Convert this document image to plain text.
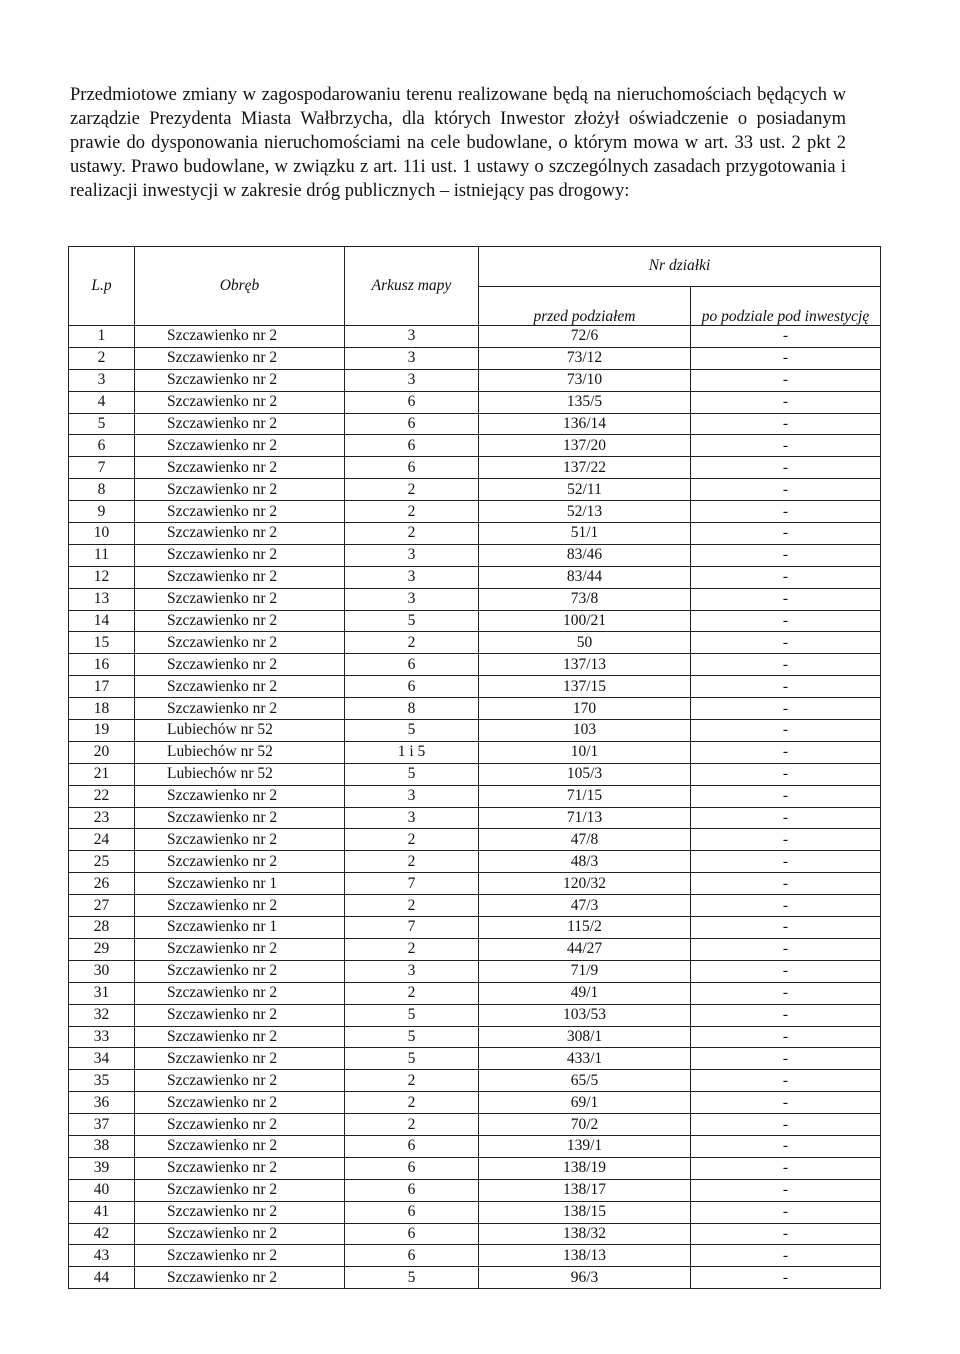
Przedmiotowe zmiany w zagospodarowaniu terenu realizowane będą na nieruchomościach będących w zarządzie Prezydenta Miasta Wałbrzycha, dla których Inwestor złożył oświadczenie o posiadanym prawie do dysponowania nieruchomościami na cele budowlane, o którym mowa w art. 33 ust. 2 pkt 2 ustawy. Prawo budowlane, w związku z art. 11i ust. 1 ustawy o szczególnych zasadach przygotowania i realizacji inwestycji w zakresie dróg publicznych – istniejący pas drogowy:

L.p	Obręb	Arkusz mapy	Nr działki	
			przed podziałem	po podziale pod inwestycję
1	Szczawienko nr 2	3	72/6	-
2	Szczawienko nr 2	3	73/12	-
3	Szczawienko nr 2	3	73/10	-
4	Szczawienko nr 2	6	135/5	-
5	Szczawienko nr 2	6	136/14	-
6	Szczawienko nr 2	6	137/20	-
7	Szczawienko nr 2	6	137/22	-
8	Szczawienko nr 2	2	52/11	-
9	Szczawienko nr 2	2	52/13	-
10	Szczawienko nr 2	2	51/1	-
11	Szczawienko nr 2	3	83/46	-
12	Szczawienko nr 2	3	83/44	-
13	Szczawienko nr 2	3	73/8	-
14	Szczawienko nr 2	5	100/21	-
15	Szczawienko nr 2	2	50	-
16	Szczawienko nr 2	6	137/13	-
17	Szczawienko nr 2	6	137/15	-
18	Szczawienko nr 2	8	170	-
19	Lubiechów nr 52	5	103	-
20	Lubiechów nr 52	1 i 5	10/1	-
21	Lubiechów nr 52	5	105/3	-
22	Szczawienko nr 2	3	71/15	-
23	Szczawienko nr 2	3	71/13	-
24	Szczawienko nr 2	2	47/8	-
25	Szczawienko nr 2	2	48/3	-
26	Szczawienko nr 1	7	120/32	-
27	Szczawienko nr 2	2	47/3	-
28	Szczawienko nr 1	7	115/2	-
29	Szczawienko nr 2	2	44/27	-
30	Szczawienko nr 2	3	71/9	-
31	Szczawienko nr 2	2	49/1	-
32	Szczawienko nr 2	5	103/53	-
33	Szczawienko nr 2	5	308/1	-
34	Szczawienko nr 2	5	433/1	-
35	Szczawienko nr 2	2	65/5	-
36	Szczawienko nr 2	2	69/1	-
37	Szczawienko nr 2	2	70/2	-
38	Szczawienko nr 2	6	139/1	-
39	Szczawienko nr 2	6	138/19	-
40	Szczawienko nr 2	6	138/17	-
41	Szczawienko nr 2	6	138/15	-
42	Szczawienko nr 2	6	138/32	-
43	Szczawienko nr 2	6	138/13	-
44	Szczawienko nr 2	5	96/3	-
